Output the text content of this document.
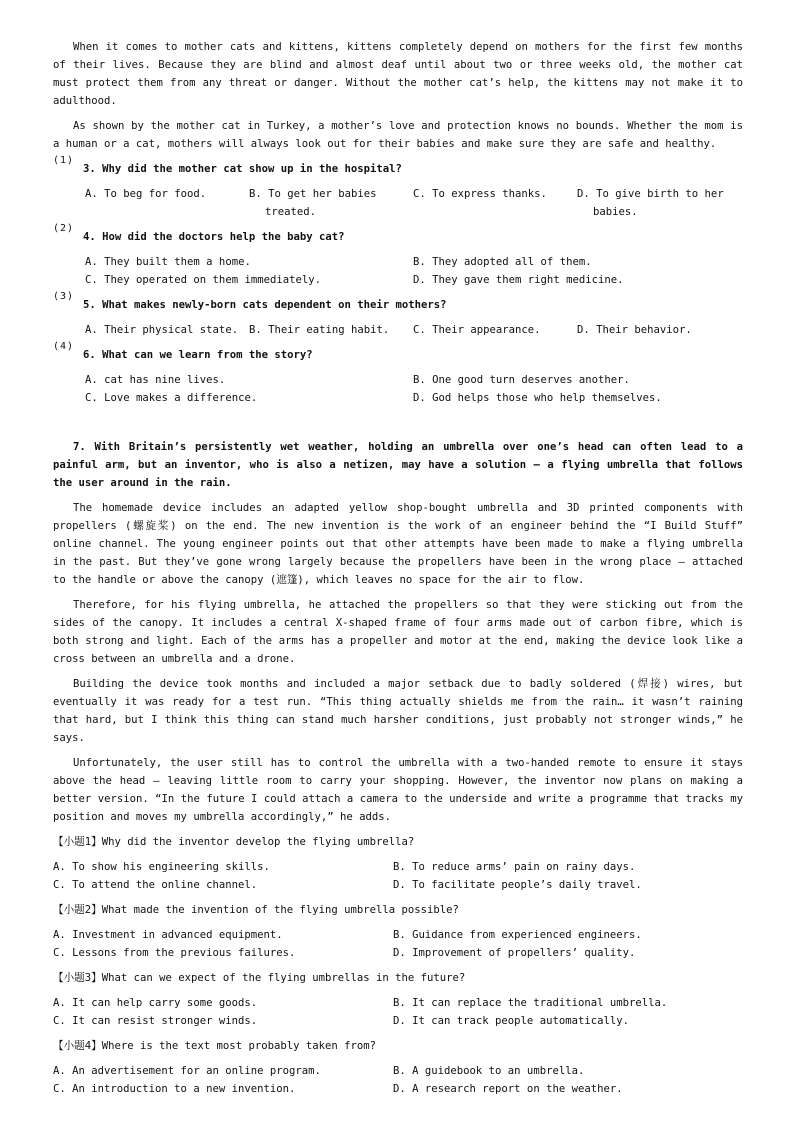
When it comes to mother cats and kittens, kittens completely depend on mothers for the first few months of their lives. Because they are blind and almost deaf until about two or three weeks old, the mother cat must protect them from any threat or danger. Without the mother cat’s help, the kittens may not make it to adulthood.

As shown by the mother cat in Turkey, a mother’s love and protection knows no bounds. Whether the mom is a human or a cat, mothers will always look out for their babies and make sure they are safe and healthy.

(1)
3. Why did the mother cat show up in the hospital?
A. To beg for food.	B. To get her babies treated.
C. To express thanks.	D. To give birth to her babies.
(2)
4. How did the doctors help the baby cat?
A. They built them a home.	B. They adopted all of them.
C. They operated on them immediately.	D. They gave them right medicine.
(3)
5. What makes newly-born cats dependent on their mothers?
A. Their physical state.	B. Their eating habit.	C. Their appearance.	D. Their behavior.
(4)
6. What can we learn from the story?
A. cat has nine lives.	B. One good turn deserves another.
C. Love makes a difference.	D. God helps those who help themselves.

7. With Britain’s persistently wet weather, holding an umbrella over one’s head can often lead to a painful arm, but an inventor, who is also a netizen, may have a solution — a flying umbrella that follows the user around in the rain.

The homemade device includes an adapted yellow shop-bought umbrella and 3D printed components with propellers (螺旋桨) on the end. The new invention is the work of an engineer behind the “I Build Stuff” online channel. The young engineer points out that other attempts have been made to make a flying umbrella in the past. But they’ve gone wrong largely because the propellers have been in the wrong place — attached to the handle or above the canopy (遮篷), which leaves no space for the air to flow.

Therefore, for his flying umbrella, he attached the propellers so that they were sticking out from the sides of the canopy. It includes a central X-shaped frame of four arms made out of carbon fibre, which is both strong and light. Each of the arms has a propeller and motor at the end, making the device look like a cross between an umbrella and a drone.

Building the device took months and included a major setback due to badly soldered (焊接) wires, but eventually it was ready for a test run. “This thing actually shields me from the rain… it wasn’t raining that hard, but I think this thing can stand much harsher conditions, just probably not stronger winds,” he says.

Unfortunately, the user still has to control the umbrella with a two-handed remote to ensure it stays above the head — leaving little room to carry your shopping. However, the inventor now plans on making a better version. “In the future I could attach a camera to the underside and write a programme that tracks my position and moves my umbrella accordingly,” he adds.

【小题1】Why did the inventor develop the flying umbrella?

A. To show his engineering skills.	B. To reduce arms’ pain on rainy days.
C. To attend the online channel.	D. To facilitate people’s daily travel.

【小题2】What made the invention of the flying umbrella possible?

A. Investment in advanced equipment.	B. Guidance from experienced engineers.
C. Lessons from the previous failures.	D. Improvement of propellers’ quality.

【小题3】What can we expect of the flying umbrellas in the future?

A. It can help carry some goods.	B. It can replace the traditional umbrella.
C. It can resist stronger winds.	D. It can track people automatically.

【小题4】Where is the text most probably taken from?

A. An advertisement for an online program.	B. A guidebook to an umbrella.
C. An introduction to a new invention.	D. A research report on the weather.
